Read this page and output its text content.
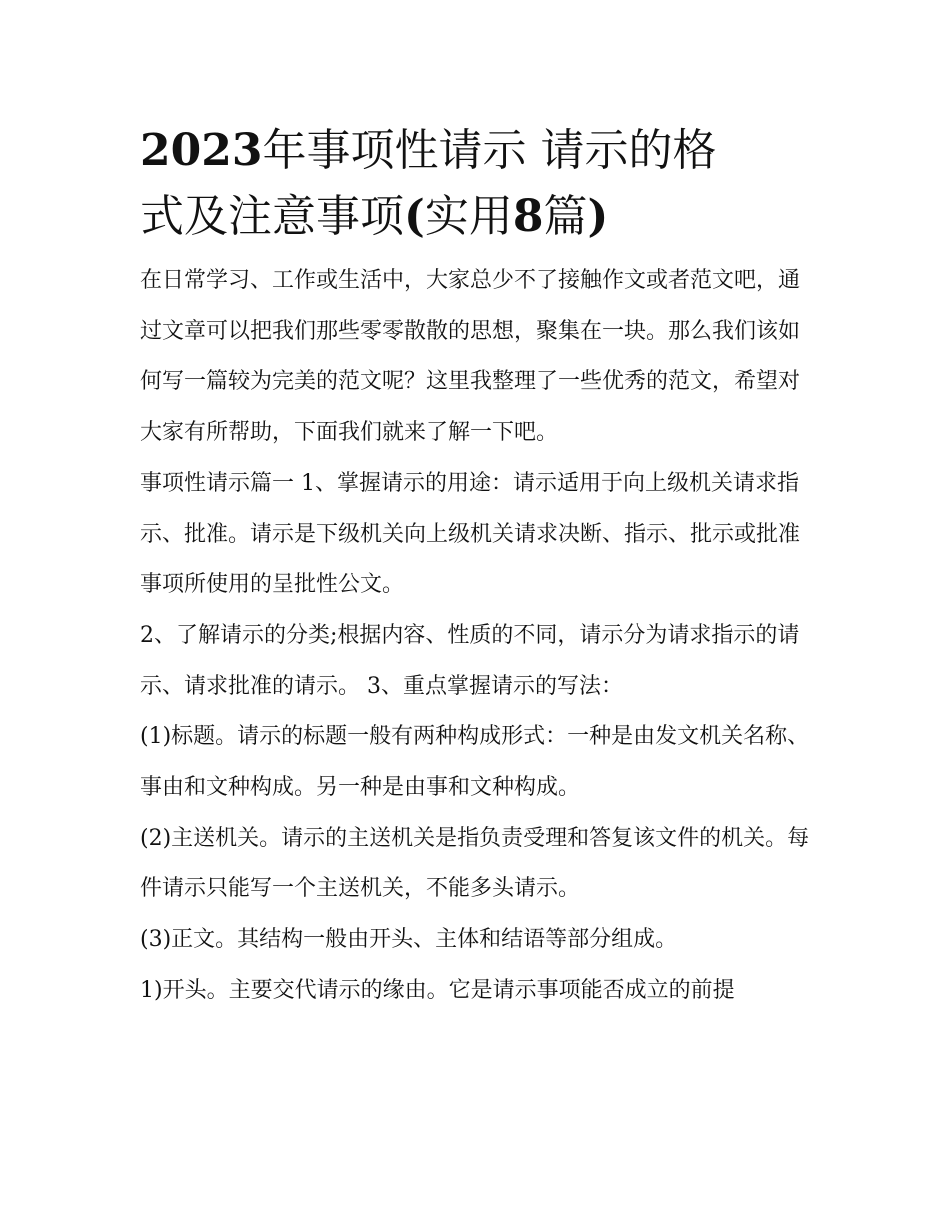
2023年事项性请示 请示的格
式及注意事项(实用8篇)

在日常学习、工作或生活中，大家总少不了接触作文或者范文吧，通过文章可以把我们那些零零散散的思想，聚集在一块。那么我们该如何写一篇较为完美的范文呢？这里我整理了一些优秀的范文，希望对大家有所帮助，下面我们就来了解一下吧。

事项性请示篇一 1、掌握请示的用途：请示适用于向上级机关请求指示、批准。请示是下级机关向上级机关请求决断、指示、批示或批准事项所使用的呈批性公文。

2、了解请示的分类;根据内容、性质的不同，请示分为请求指示的请示、请求批准的请示。 3、重点掌握请示的写法：

(1)标题。请示的标题一般有两种构成形式：一种是由发文机关名称、事由和文种构成。另一种是由事和文种构成。

(2)主送机关。请示的主送机关是指负责受理和答复该文件的机关。每件请示只能写一个主送机关，不能多头请示。

(3)正文。其结构一般由开头、主体和结语等部分组成。

1)开头。主要交代请示的缘由。它是请示事项能否成立的前提
